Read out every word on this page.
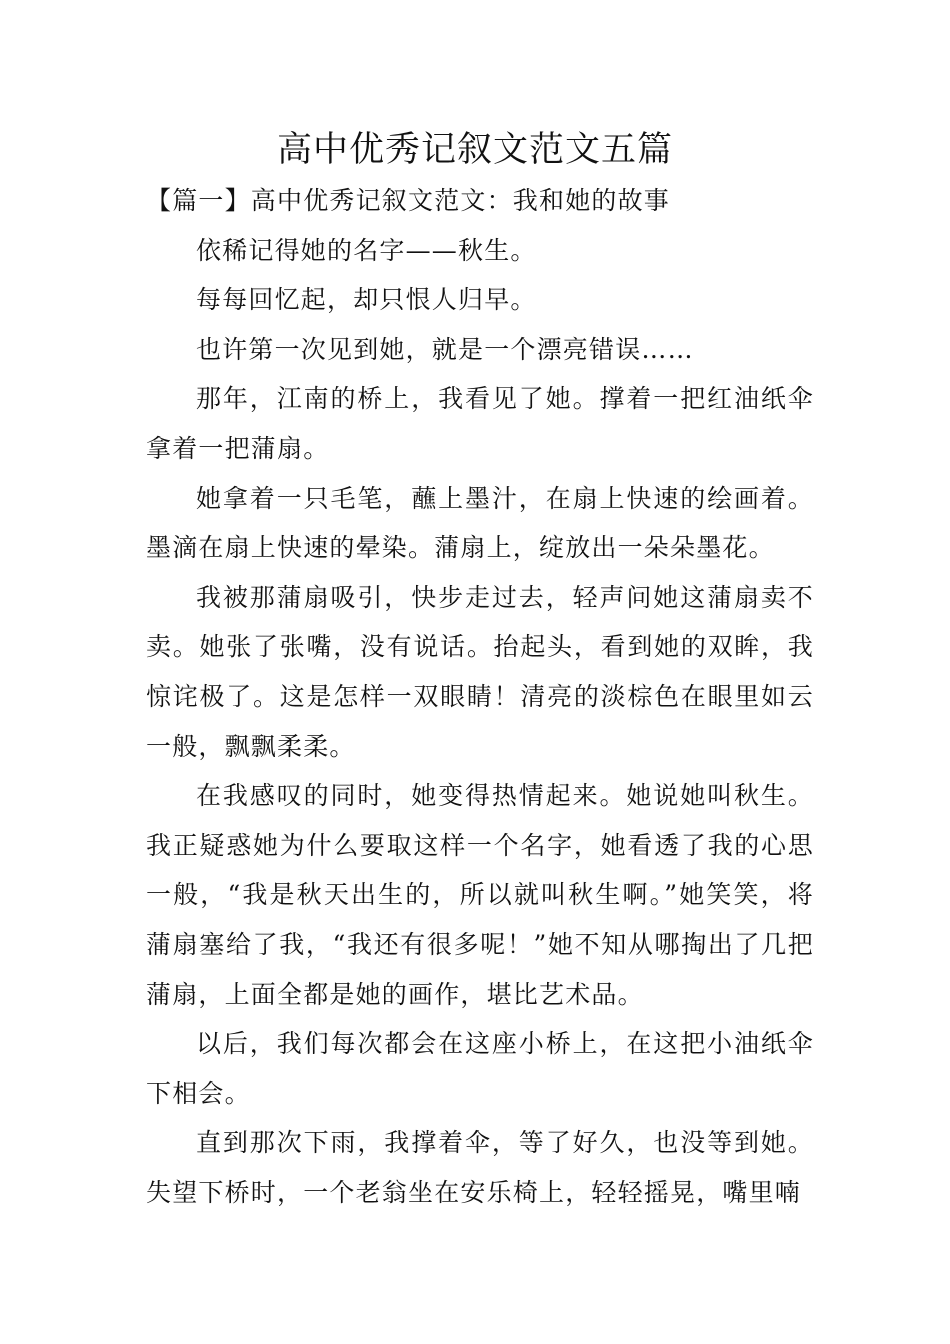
高中优秀记叙文范文五篇

【篇一】高中优秀记叙文范文：我和她的故事

依稀记得她的名字——秋生。

每每回忆起，却只恨人归早。

也许第一次见到她，就是一个漂亮错误……

那年，江南的桥上，我看见了她。撑着一把红油纸伞拿着一把蒲扇。

她拿着一只毛笔，蘸上墨汁，在扇上快速的绘画着。墨滴在扇上快速的晕染。蒲扇上，绽放出一朵朵墨花。

我被那蒲扇吸引，快步走过去，轻声问她这蒲扇卖不卖。她张了张嘴，没有说话。抬起头，看到她的双眸，我惊诧极了。这是怎样一双眼睛！清亮的淡棕色在眼里如云一般，飘飘柔柔。

在我感叹的同时，她变得热情起来。她说她叫秋生。我正疑惑她为什么要取这样一个名字，她看透了我的心思一般，“我是秋天出生的，所以就叫秋生啊。”她笑笑，将蒲扇塞给了我，“我还有很多呢！”她不知从哪掏出了几把蒲扇，上面全都是她的画作，堪比艺术品。

以后，我们每次都会在这座小桥上，在这把小油纸伞下相会。

直到那次下雨，我撑着伞，等了好久，也没等到她。失望下桥时，一个老翁坐在安乐椅上，轻轻摇晃，嘴里喃
